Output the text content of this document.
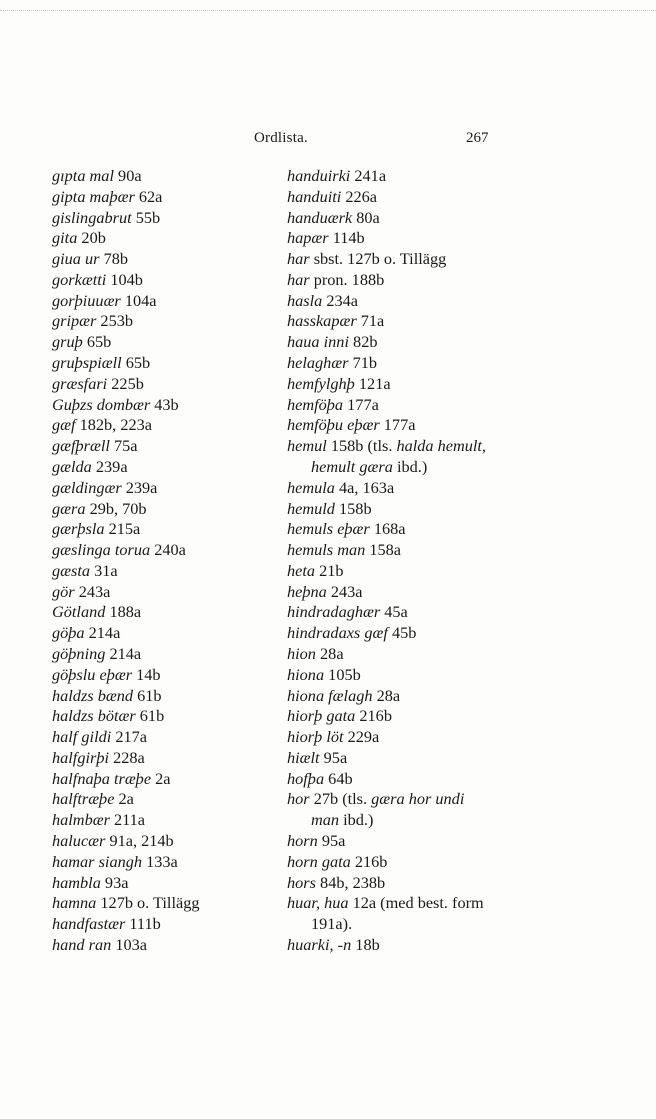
Ordlista.	267
gıpta mal 90a
gipta maþær 62a
gislingabrut 55b
gita 20b
giua ur 78b
gorkætti 104b
gorþiuuær 104a
gripær 253b
gruþ 65b
gruþspiæll 65b
græsfari 225b
Guþzs dombær 43b
gæf 182b, 223a
gæfþræll 75a
gælda 239a
gældingær 239a
gæra 29b, 70b
gærþsla 215a
gæslinga torua 240a
gæsta 31a
gör 243a
Götland 188a
göþa 214a
göþning 214a
göþslu eþær 14b
haldzs bænd 61b
haldzs bötær 61b
half gildi 217a
halfgirþi 228a
halfnaþa træþe 2a
halftræþe 2a
halmbær 211a
halucær 91a, 214b
hamar siangh 133a
hambla 93a
hamna 127b o. Tillägg
handfastær 111b
hand ran 103a
handuirki 241a
handuiti 226a
handuærk 80a
hapær 114b
har sbst. 127b o. Tillägg
har pron. 188b
hasla 234a
hasskapær 71a
haua inni 82b
helaghær 71b
hemfylghþ 121a
hemföþa 177a
hemföþu eþær 177a
hemul 158b (tls. halda hemult,
hemult gæra ibd.)
hemula 4a, 163a
hemuld 158b
hemuls eþær 168a
hemuls man 158a
heta 21b
heþna 243a
hindradaghær 45a
hindradaxs gæf 45b
hion 28a
hiona 105b
hiona fælagh 28a
hiorþ gata 216b
hiorþ löt 229a
hiælt 95a
hofþa 64b
hor 27b (tls. gæra hor undi
man ibd.)
horn 95a
horn gata 216b
hors 84b, 238b
huar, hua 12a (med best. form
191a).
huarki, -n 18b
